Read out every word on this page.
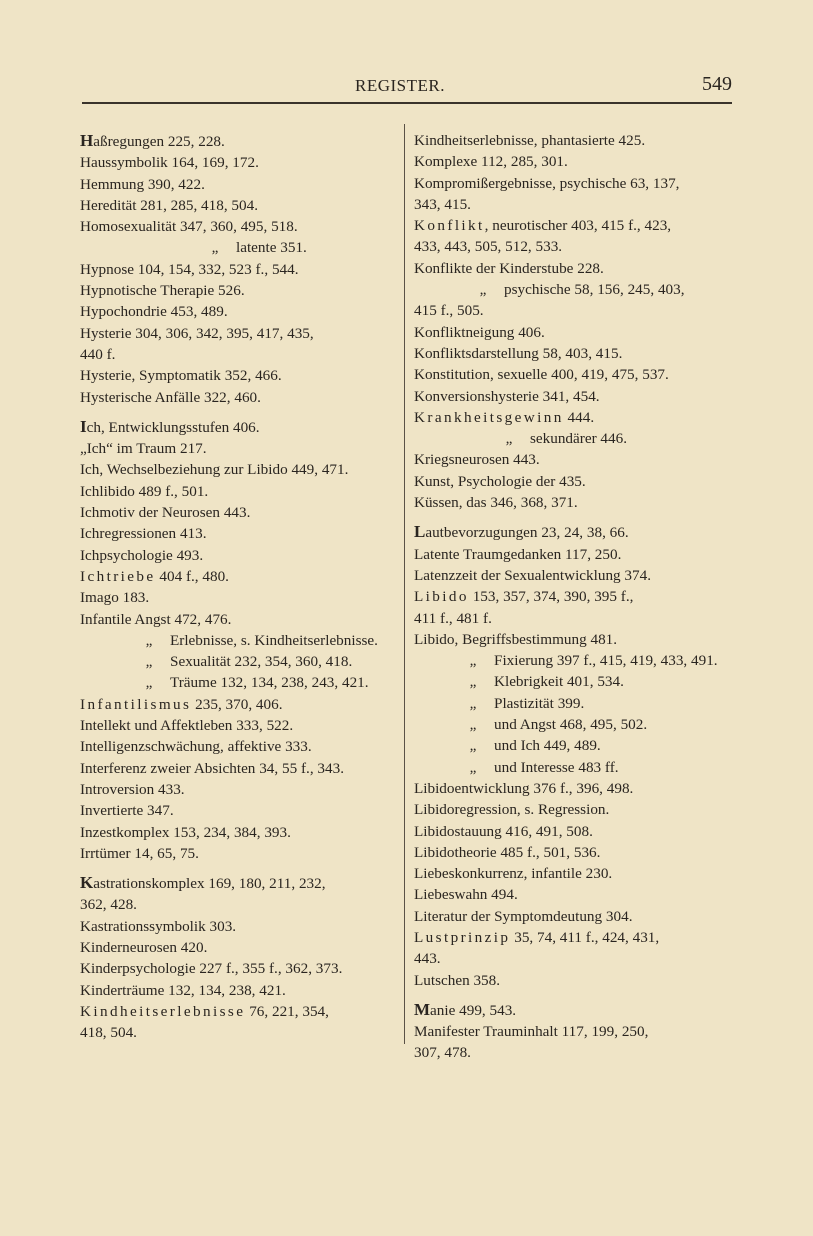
REGISTER.	549
Haßregungen 225, 228.
Haussymbolik 164, 169, 172.
Hemmung 390, 422.
Heredität 281, 285, 418, 504.
Homosexualität 347, 360, 495, 518.
„ latente 351.
Hypnose 104, 154, 332, 523 f., 544.
Hypnotische Therapie 526.
Hypochondrie 453, 489.
Hysterie 304, 306, 342, 395, 417, 435,
440 f.
Hysterie, Symptomatik 352, 466.
Hysterische Anfälle 322, 460.
Ich, Entwicklungsstufen 406.
„Ich“ im Traum 217.
Ich, Wechselbeziehung zur Libido 449, 471.
Ichlibido 489 f., 501.
Ichmotiv der Neurosen 443.
Ichregressionen 413.
Ichpsychologie 493.
Ichtriebe 404 f., 480.
Imago 183.
Infantile Angst 472, 476.
„ Erlebnisse, s. Kindheitserlebnisse.
„ Sexualität 232, 354, 360, 418.
„ Träume 132, 134, 238, 243, 421.
Infantilismus 235, 370, 406.
Intellekt und Affektleben 333, 522.
Intelligenzschwächung, affektive 333.
Interferenz zweier Absichten 34, 55 f., 343.
Introversion 433.
Invertierte 347.
Inzestkomplex 153, 234, 384, 393.
Irrtümer 14, 65, 75.
Kastrationskomplex 169, 180, 211, 232,
362, 428.
Kastrationssymbolik 303.
Kinderneurosen 420.
Kinderpsychologie 227 f., 355 f., 362, 373.
Kinderträume 132, 134, 238, 421.
Kindheitserlebnisse 76, 221, 354,
418, 504.
Kindheitserlebnisse, phantasierte 425.
Komplexe 112, 285, 301.
Kompromißergebnisse, psychische 63, 137,
343, 415.
Konflikt, neurotischer 403, 415 f., 423,
433, 443, 505, 512, 533.
Konflikte der Kinderstube 228.
„ psychische 58, 156, 245, 403,
415 f., 505.
Konfliktneigung 406.
Konfliktsdarstellung 58, 403, 415.
Konstitution, sexuelle 400, 419, 475, 537.
Konversionshysterie 341, 454.
Krankheitsgewinn 444.
„ sekundärer 446.
Kriegsneurosen 443.
Kunst, Psychologie der 435.
Küssen, das 346, 368, 371.
Lautbevorzugungen 23, 24, 38, 66.
Latente Traumgedanken 117, 250.
Latenzzeit der Sexualentwicklung 374.
Libido 153, 357, 374, 390, 395 f.,
411 f., 481 f.
Libido, Begriffsbestimmung 481.
„ Fixierung 397 f., 415, 419, 433, 491.
„ Klebrigkeit 401, 534.
„ Plastizität 399.
„ und Angst 468, 495, 502.
„ und Ich 449, 489.
„ und Interesse 483 ff.
Libidoentwicklung 376 f., 396, 498.
Libidoregression, s. Regression.
Libidostauung 416, 491, 508.
Libidotheorie 485 f., 501, 536.
Liebeskonkurrenz, infantile 230.
Liebeswahn 494.
Literatur der Symptomdeutung 304.
Lustprinzip 35, 74, 411 f., 424, 431,
443.
Lutschen 358.
Manie 499, 543.
Manifester Trauminhalt 117, 199, 250,
307, 478.
